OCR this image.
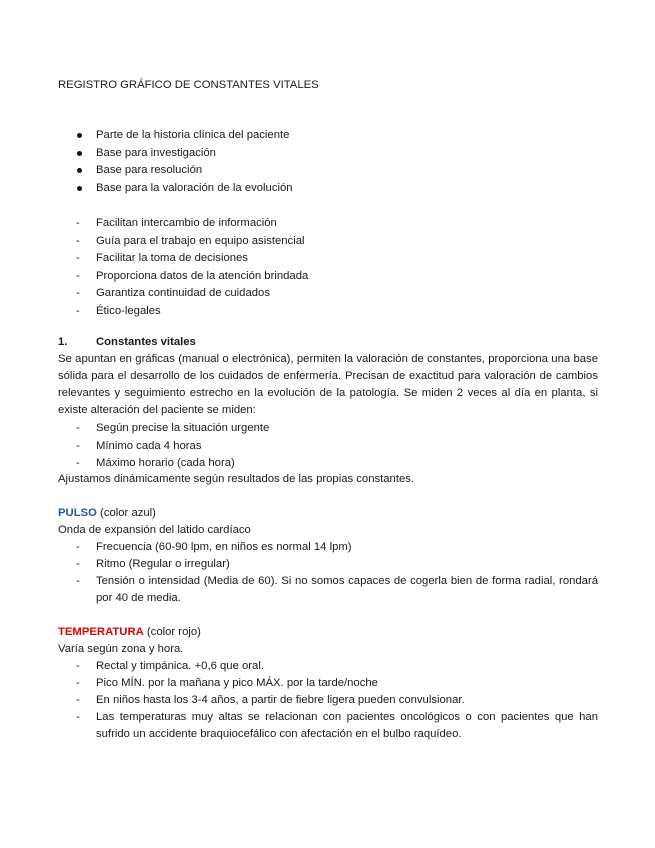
REGISTRO GRÁFICO DE CONSTANTES VITALES
Parte de la historia clínica del paciente
Base para investigación
Base para resolución
Base para la valoración de la evolución
- Facilitan intercambio de información
- Guía para el trabajo en equipo asistencial
- Facilitar la toma de decisiones
- Proporciona datos de la atención brindada
- Garantiza continuidad de cuidados
- Ético-legales
1.	Constantes vitales
Se apuntan en gráficas (manual o electrónica), permiten la valoración de constantes, proporciona una base sólida para el desarrollo de los cuidados de enfermería. Precisan de exactitud para valoración de cambios relevantes y seguimiento estrecho en la evolución de la patología. Se miden 2 veces al día en planta, si existe alteración del paciente se miden:
- Según precise la situación urgente
- Mínimo cada 4 horas
- Máximo horario (cada hora)
Ajustamos dinámicamente según resultados de las propias constantes.
PULSO (color azul)
Onda de expansión del latido cardíaco
- Frecuencia (60-90 lpm, en niños es normal 14 lpm)
- Ritmo (Regular o irregular)
- Tensión o intensidad (Media de 60). Si no somos capaces de cogerla bien de forma radial, rondará por 40 de media.
TEMPERATURA (color rojo)
Varía según zona y hora.
- Rectal y timpánica. +0,6 que oral.
- Pico MÍN. por la mañana y pico MÁX. por la tarde/noche
- En niños hasta los 3-4 años, a partir de fiebre ligera pueden convulsionar.
- Las temperaturas muy altas se relacionan con pacientes oncológicos o con pacientes que han sufrido un accidente braquiocefálico con afectación en el bulbo raquídeo.
